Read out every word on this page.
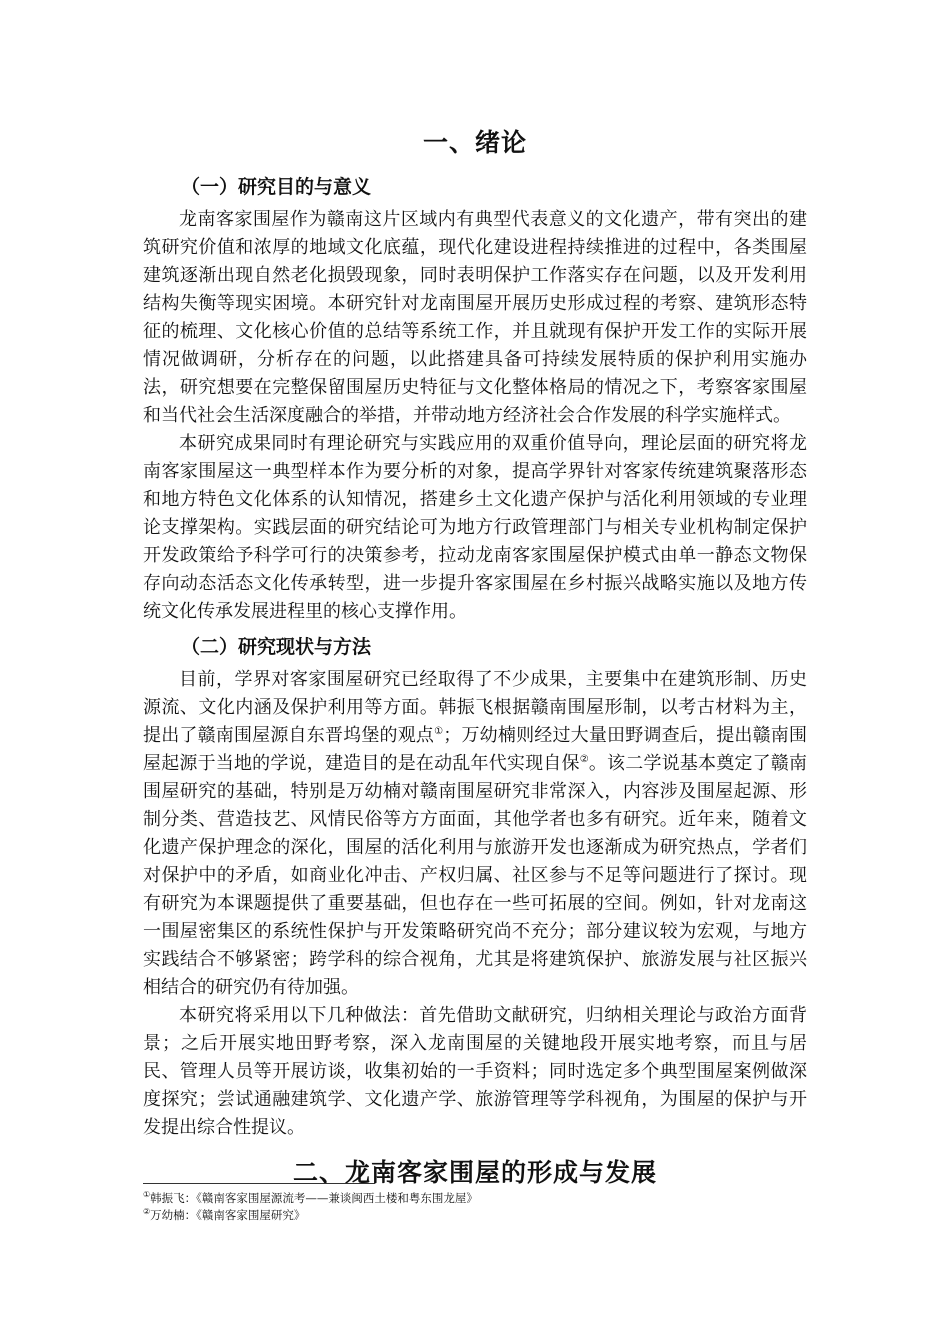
一、绪论
（一）研究目的与意义

龙南客家围屋作为赣南这片区域内有典型代表意义的文化遗产，带有突出的建筑研究价值和浓厚的地域文化底蕴，现代化建设进程持续推进的过程中，各类围屋建筑逐渐出现自然老化损毁现象，同时表明保护工作落实存在问题，以及开发利用结构失衡等现实困境。本研究针对龙南围屋开展历史形成过程的考察、建筑形态特征的梳理、文化核心价值的总结等系统工作，并且就现有保护开发工作的实际开展情况做调研，分析存在的问题，以此搭建具备可持续发展特质的保护利用实施办法，研究想要在完整保留围屋历史特征与文化整体格局的情况之下，考察客家围屋和当代社会生活深度融合的举措，并带动地方经济社会合作发展的科学实施样式。

本研究成果同时有理论研究与实践应用的双重价值导向，理论层面的研究将龙南客家围屋这一典型样本作为要分析的对象，提高学界针对客家传统建筑聚落形态和地方特色文化体系的认知情况，搭建乡土文化遗产保护与活化利用领域的专业理论支撑架构。实践层面的研究结论可为地方行政管理部门与相关专业机构制定保护开发政策给予科学可行的决策参考，拉动龙南客家围屋保护模式由单一静态文物保存向动态活态文化传承转型，进一步提升客家围屋在乡村振兴战略实施以及地方传统文化传承发展进程里的核心支撑作用。

（二）研究现状与方法

目前，学界对客家围屋研究已经取得了不少成果，主要集中在建筑形制、历史源流、文化内涵及保护利用等方面。韩振飞根据赣南围屋形制，以考古材料为主，提出了赣南围屋源自东晋坞堡的观点①；万幼楠则经过大量田野调查后，提出赣南围屋起源于当地的学说，建造目的是在动乱年代实现自保②。该二学说基本奠定了赣南围屋研究的基础，特别是万幼楠对赣南围屋研究非常深入，内容涉及围屋起源、形制分类、营造技艺、风情民俗等方方面面，其他学者也多有研究。近年来，随着文化遗产保护理念的深化，围屋的活化利用与旅游开发也逐渐成为研究热点，学者们对保护中的矛盾，如商业化冲击、产权归属、社区参与不足等问题进行了探讨。现有研究为本课题提供了重要基础，但也存在一些可拓展的空间。例如，针对龙南这一围屋密集区的系统性保护与开发策略研究尚不充分；部分建议较为宏观，与地方实践结合不够紧密；跨学科的综合视角，尤其是将建筑保护、旅游发展与社区振兴相结合的研究仍有待加强。

本研究将采用以下几种做法：首先借助文献研究，归纳相关理论与政治方面背景；之后开展实地田野考察，深入龙南围屋的关键地段开展实地考察，而且与居民、管理人员等开展访谈，收集初始的一手资料；同时选定多个典型围屋案例做深度探究；尝试通融建筑学、文化遗产学、旅游管理等学科视角，为围屋的保护与开发提出综合性提议。

二、龙南客家围屋的形成与发展
①韩振飞：《赣南客家围屋源流考——兼谈闽西土楼和粤东围龙屋》
②万幼楠：《赣南客家围屋研究》
